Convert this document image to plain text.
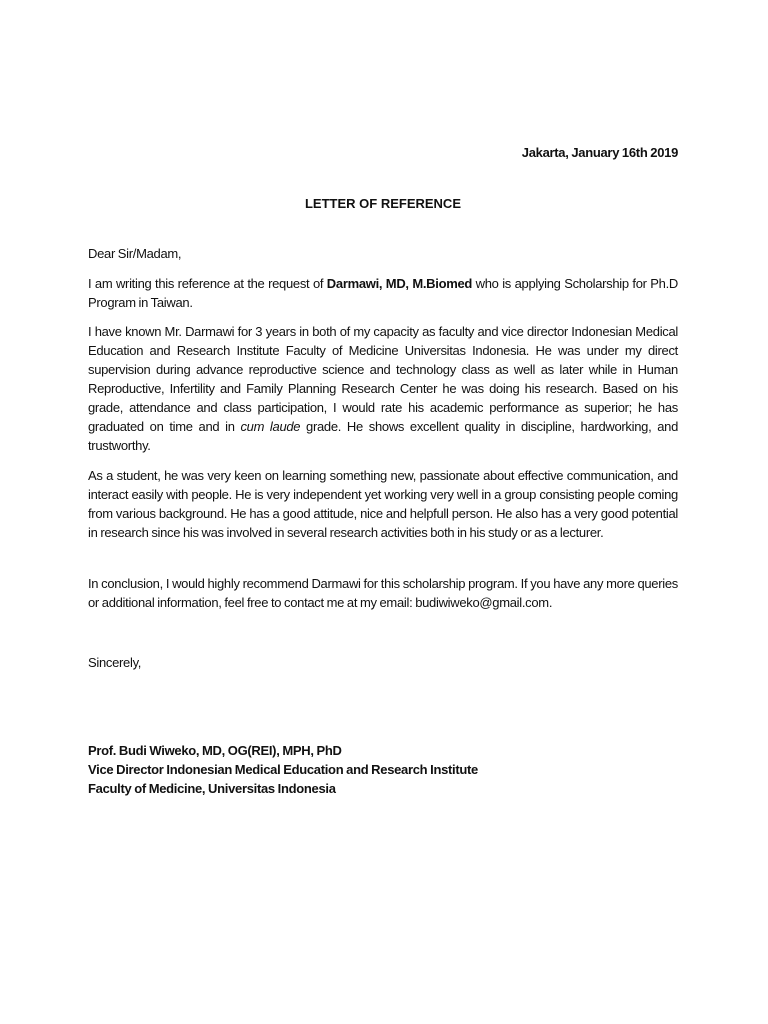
Jakarta, January 16th 2019
LETTER OF REFERENCE
Dear Sir/Madam,

I am writing this reference at the request of Darmawi, MD, M.Biomed who is applying Scholarship for Ph.D Program in Taiwan.

I have known Mr. Darmawi for 3 years in both of my capacity as faculty and vice director Indonesian Medical Education and Research Institute Faculty of Medicine Universitas Indonesia. He was under my direct supervision during advance reproductive science and technology class as well as later while in Human Reproductive, Infertility and Family Planning Research Center he was doing his research. Based on his grade, attendance and class participation, I would rate his academic performance as superior; he has graduated on time and in cum laude grade. He shows excellent quality in discipline, hardworking, and trustworthy.

As a student, he was very keen on learning something new, passionate about effective communication, and interact easily with people. He is very independent yet working very well in a group consisting people coming from various background. He has a good attitude, nice and helpfull person. He also has a very good potential in research since his was involved in several research activities both in his study or as a lecturer.

In conclusion, I would highly recommend Darmawi for this scholarship program. If you have any more queries or additional information, feel free to contact me at my email: budiwiweko@gmail.com.

Sincerely,
Prof. Budi Wiweko, MD, OG(REI), MPH, PhD
Vice Director Indonesian Medical Education and Research Institute
Faculty of Medicine, Universitas Indonesia
